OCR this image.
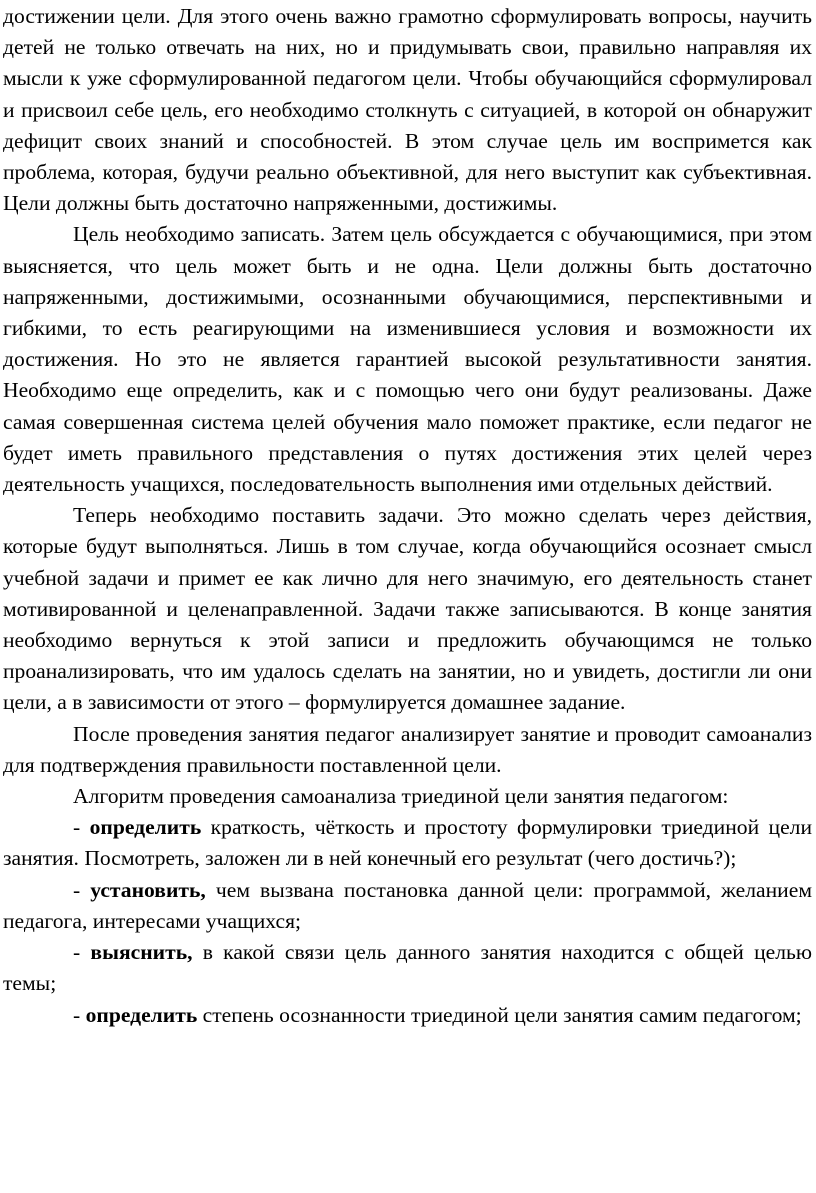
достижении цели. Для этого очень важно грамотно сформулировать вопросы, научить детей не только отвечать на них, но и придумывать свои, правильно направляя их мысли к уже сформулированной педагогом цели. Чтобы обучающийся сформулировал и присвоил себе цель, его необходимо столкнуть с ситуацией, в которой он обнаружит дефицит своих знаний и способностей. В этом случае цель им воспримется как проблема, которая, будучи реально объективной, для него выступит как субъективная. Цели должны быть достаточно напряженными, достижимы.

Цель необходимо записать. Затем цель обсуждается с обучающимися, при этом выясняется, что цель может быть и не одна. Цели должны быть достаточно напряженными, достижимыми, осознанными обучающимися, перспективными и гибкими, то есть реагирующими на изменившиеся условия и возможности их достижения. Но это не является гарантией высокой результативности занятия. Необходимо еще определить, как и с помощью чего они будут реализованы. Даже самая совершенная система целей обучения мало поможет практике, если педагог не будет иметь правильного представления о путях достижения этих целей через деятельность учащихся, последовательность выполнения ими отдельных действий.

Теперь необходимо поставить задачи. Это можно сделать через действия, которые будут выполняться. Лишь в том случае, когда обучающийся осознает смысл учебной задачи и примет ее как лично для него значимую, его деятельность станет мотивированной и целенаправленной. Задачи также записываются. В конце занятия необходимо вернуться к этой записи и предложить обучающимся не только проанализировать, что им удалось сделать на занятии, но и увидеть, достигли ли они цели, а в зависимости от этого – формулируется домашнее задание.

После проведения занятия педагог анализирует занятие и проводит самоанализ для подтверждения правильности поставленной цели.

Алгоритм проведения самоанализа триединой цели занятия педагогом:

- определить краткость, чёткость и простоту формулировки триединой цели занятия. Посмотреть, заложен ли в ней конечный его результат (чего достичь?);

- установить, чем вызвана постановка данной цели: программой, желанием педагога, интересами учащихся;

- выяснить, в какой связи цель данного занятия находится с общей целью темы;

- определить степень осознанности триединой цели занятия самим педагогом;
